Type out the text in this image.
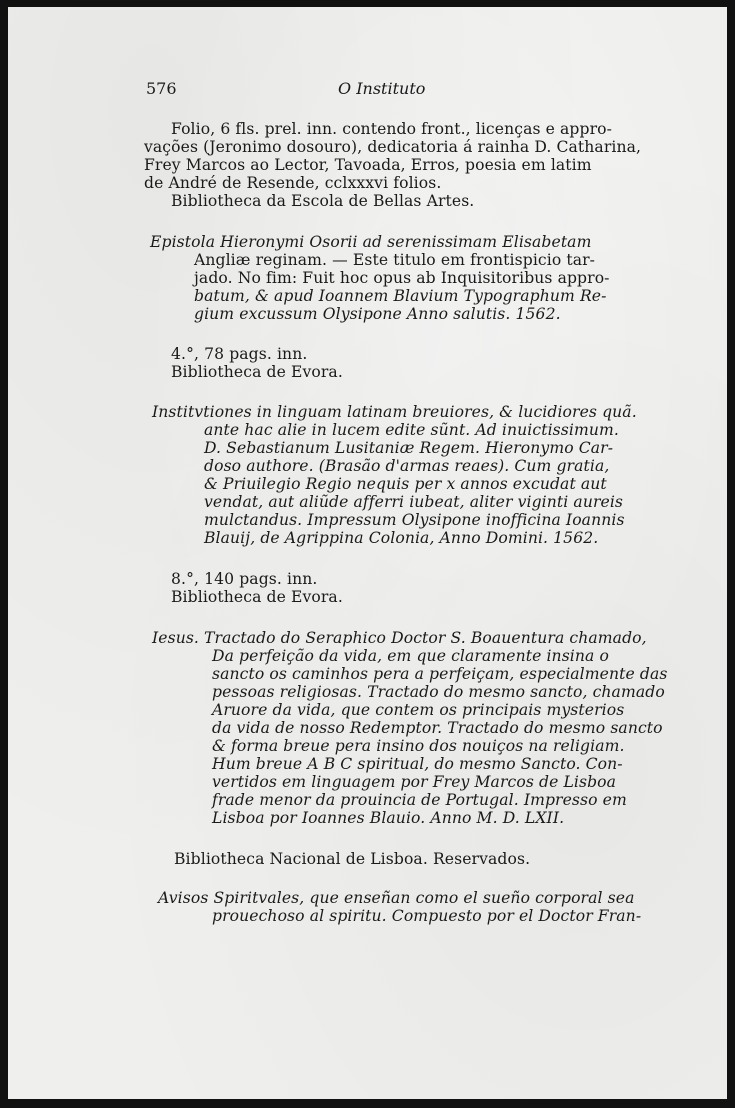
576	O Instituto
Folio, 6 fls. prel. inn. contendo front., licenças e appro-
vações (Jeronimo dosouro), dedicatoria á rainha D. Catharina,
Frey Marcos ao Lector, Tavoada, Erros, poesia em latim
de André de Resende, cclxxxvi folios.
Bibliotheca da Escola de Bellas Artes.
Epistola Hieronymi Osorii ad serenissimam Elisabetam
Angliæ reginam. — Este titulo em frontispicio tar-
jado. No fim: Fuit hoc opus ab Inquisitoribus appro-
batum, & apud Ioannem Blavium Typographum Re-
gium excussum Olysipone Anno salutis. 1562.
4.°, 78 pags. inn.
Bibliotheca de Evora.
Institvtiones in linguam latinam breuiores, & lucidiores quã.
ante hac alie in lucem edite sũnt. Ad inuictissimum.
D. Sebastianum Lusitaniæ Regem. Hieronymo Car-
doso authore. (Brasão d'armas reaes). Cum gratia,
& Priuilegio Regio nequis per x annos excudat aut
vendat, aut aliũde afferri iubeat, aliter viginti aureis
mulctandus. Impressum Olysipone inofficina Ioannis
Blauij, de Agrippina Colonia, Anno Domini. 1562.
8.°, 140 pags. inn.
Bibliotheca de Evora.
Iesus. Tractado do Seraphico Doctor S. Boauentura chamado,
Da perfeição da vida, em que claramente insina o
sancto os caminhos pera a perfeiçam, especialmente das
pessoas religiosas. Tractado do mesmo sancto, chamado
Aruore da vida, que contem os principais mysterios
da vida de nosso Redemptor. Tractado do mesmo sancto
& forma breue pera insino dos nouiços na religiam.
Hum breue A B C spiritual, do mesmo Sancto. Con-
vertidos em linguagem por Frey Marcos de Lisboa
frade menor da prouincia de Portugal. Impresso em
Lisboa por Ioannes Blauio. Anno M. D. LXII.
Bibliotheca Nacional de Lisboa. Reservados.
Avisos Spiritvales, que enseñan como el sueño corporal sea
prouechoso al spiritu. Compuesto por el Doctor Fran-
